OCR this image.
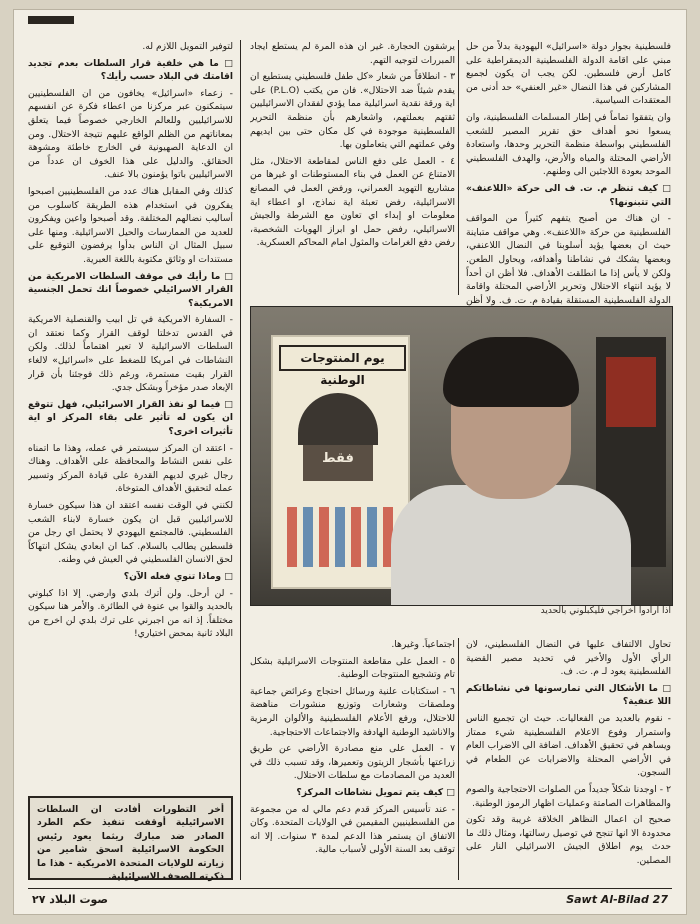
فلسطينية بجوار دولة «اسرائيل» اليهودية بدلاً من حل مبني على اقامة الدولة الفلسطينية الديمقراطية على كامل أرض فلسطين. لكن يجب ان يكون لجميع المشاركين في هذا النضال «غير العنفي» حد أدنى من المعتقدات السياسية.

وان يتفقوا تماماً في إطار المسلمات الفلسطينية، وان يسعوا نحو أهداف حق تقرير المصير للشعب الفلسطيني بواسطة منظمة التحرير وحدها، واستعادة الأراضي المحتلة والمياه والأرض، والهدف الفلسطيني الموحد بعودة اللاجئين الى وطنهم.

□ كيف تنظر م. ت. ف الى حركة «اللاعنف» التي تتبنونها؟

- ان هناك من أصبح يتفهم كثيراً من المواقف الفلسطينية من حركة «اللاعنف». وهي مواقف متباينة حيث ان بعضها يؤيد أسلوبنا في النضال اللاعنفي، وبعضها يشكك في نشاطنا وأهدافه، ويحاول الطعن. ولكن لا يأس إذا ما انطلقت الأهداف. فلا أظن ان أحداً لا يؤيد انتهاء الاحتلال وتحرير الأراضي المحتلة واقامة الدولة الفلسطينية المستقلة بقيادة م. ت. ف. ولا أظن

يرشقون الحجارة. غير ان هذه المرة لم يستطع ايجاد المبررات لتوجيه التهم.

٣ - انطلاقاً من شعار «كل طفل فلسطيني يستطيع ان يقدم شيئاً ضد الاحتلال». فان من يكتب (P.L.O) على اية ورقة نقدية اسرائيلية مما يؤدي لفقدان الاسرائيليين ثقتهم بعملتهم، واشعارهم بأن منظمة التحرير الفلسطينية موجودة في كل مكان حتى بين ايديهم وفي عملتهم التي يتعاملون بها.

٤ - العمل على دفع الناس لمقاطعة الاحتلال، مثل الامتناع عن العمل في بناء المستوطنات او غيرها من مشاريع التهويد العمراني، ورفض العمل في المصانع الاسرائيلية، رفض تعبئة اية نماذج، او اعطاء اية معلومات او إبداء اي تعاون مع الشرطة والجيش الاسرائيلي، رفض حمل او ابراز الهويات الشخصية، رفض دفع الغرامات والمثول امام المحاكم العسكرية.

لتوفير التمويل اللازم له.

□ ما هي خلفية قرار السلطات بعدم تجديد اقامتك في البلاد حسب رأيك؟

- زعماء «اسرائيل» يخافون من ان الفلسطينيين سيتمكنون عبر مركزنا من اعطاء فكرة عن انفسهم للاسرائيليين وللعالم الخارجي خصوصاً فيما يتعلق بمعاناتهم من الظلم الواقع عليهم نتيجة الاحتلال. ومن ان الدعاية الصهيونية في الخارج خاطئة ومشوهة الحقائق. والدليل على هذا الخوف ان عدداً من الاسرائيليين باتوا يؤمنون بالا عنف.

كذلك وفي المقابل هناك عدد من الفلسطينيين اصبحوا يفكرون في استخدام هذه الطريقة كاسلوب من أساليب نضالهم المختلفة. وقد أصبحوا واعين ويفكرون للعديد من الممارسات والحيل الاسرائيلية. ومنها على سبيل المثال ان الناس بدأوا يرفضون التوقيع على مستندات او وثائق مكتوبة باللغة العبرية.

□ ما رأيك في موقف السلطات الامريكية من القرار الاسرائيلي خصوصاً انك تحمل الجنسية الامريكية؟

- السفارة الامريكية في تل ابيب والقنصلية الامريكية في القدس تدخلتا لوقف القرار وكما نعتقد ان السلطات الاسرائيلية لا تعير اهتماماً لذلك. ولكن النشاطات في امريكا للضغط على «اسرائيل» لالغاء القرار بقيت مستمرة، ورغم ذلك فوجئنا بأن قرار الإبعاد صدر مؤخراً وبشكل جدي.

□ فيما لو نفذ القرار الاسرائيلي، فهل تتوقع ان يكون له تأثير على بقاء المركز او اية تأثيرات اخرى؟

- اعتقد ان المركز سيستمر في عمله، وهذا ما اتمناه على نفس النشاط والمحافظة على الأهداف. وهناك رجال غيري لديهم القدرة على قيادة المركز وتسيير عمله لتحقيق الأهداف المتوخاة.

لكنني في الوقت نفسه اعتقد ان هذا سيكون خسارة للاسرائيليين قبل ان يكون خسارة لابناء الشعب الفلسطيني. فالمجتمع اليهودي لا يحتمل اي رجل من فلسطين يطالب بالسلام. كما ان ابعادي يشكل انتهاكاً لحق الانسان الفلسطيني في العيش في وطنه.

□ وماذا تنوي فعله الآن؟

- لن أرحل. ولن أترك بلدي وارضي. إلا اذا كبلوني بالحديد والقوا بي عنوة في الطائرة. والأمر هنا سيكون مختلفاً. إذ انه من اجبرني على ترك بلدي لن اخرج من البلاد ثانية بمحض اختياري!

يوم المنتوجات الوطنية
فقط
اذا ارادوا اخراجي فليكبلوني بالحديد

تحاول الالتفاف عليها في النضال الفلسطيني، لان الرأي الأول والأخير في تحديد مصير القضية الفلسطينية يعود لـ م. ت. ف.

□ ما الأشكال التي تمارسونها في نشاطاتكم اللا عنفية؟

- نقوم بالعديد من الفعاليات. حيث ان تجميع الناس واستمرار وفوع الاعلام الفلسطينية شيء ممتاز ويساهم في تحقيق الأهداف. اضافة الى الاضراب العام في الأراضي المحتلة والاضرابات عن الطعام في السجون.

٢ - اوجدنا شكلاً جديداً من الصلوات الاحتجاجية والصوم والمظاهرات الصامتة وعمليات اظهار الرموز الوطنية.

صحيح ان اعمال النظاهر الخلاقة غريبة وقد تكون محدودة الا انها تنجح في توصيل رسالتها، ومثال ذلك ما حدث يوم اطلاق الجيش الاسرائيلي النار على المصلين.

اجتماعياً. وغيرها.

٥ - العمل على مقاطعة المنتوجات الاسرائيلية بشكل تام وتشجيع المنتوجات الوطنية.

٦ - استكتابات علنية ورسائل احتجاج وعرائض جماعية وملصقات وشعارات وتوزيع منشورات مناهضة للاحتلال، ورفع الأعلام الفلسطينية والألوان الرمزية والاناشيد الوطنية الهادفة والاجتماعات الاحتجاجية.

٧ - العمل على منع مصادرة الأراضي عن طريق زراعتها بأشجار الزيتون وتعميرها، وقد تسبب ذلك في العديد من المصادمات مع سلطات الاحتلال.

□ كيف يتم تمويل نشاطات المركز؟

- عند تأسيس المركز قدم دعم مالي له من مجموعة من الفلسطينيين المقيمين في الولايات المتحدة. وكان الاتفاق ان يستمر هذا الدعم لمدة ٣ سنوات. إلا انه توقف بعد السنة الأولى لأسباب مالية.

أخر التطورات أفادت ان السلطات الاسرائيلية أوقفت تنفيذ حكم الطرد الصادر ضد مبارك ريثما يعود رئيس الحكومة الاسرائيلية اسحق شامير من زيارته للولايات المتحدة الامريكية - هذا ما ذكرته الصحف الاسرائيلية.
صوت البلاد ٢٧	Sawt Al-Bilad 27
